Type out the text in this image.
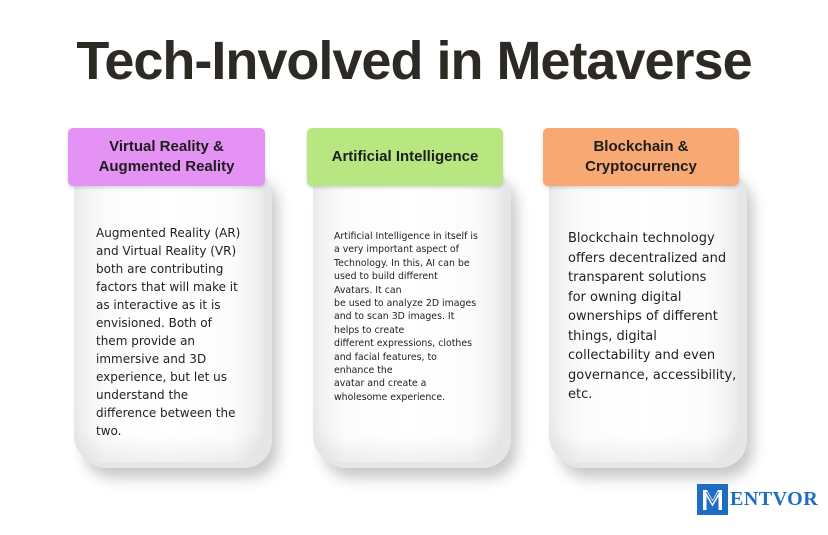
Tech-Involved in Metaverse
Virtual Reality &
Augmented Reality
Augmented Reality (AR)
and Virtual Reality (VR)
both are contributing
factors that will make it
as interactive as it is
envisioned. Both of
them provide an
immersive and 3D
experience, but let us
understand the
difference between the
two.
Artificial Intelligence
Artificial Intelligence in itself is
a very important aspect of
Technology. In this, AI can be
used to build different
Avatars. It can
be used to analyze 2D images
and to scan 3D images. It
helps to create
different expressions, clothes
and facial features, to
enhance the
avatar and create a
wholesome experience.
Blockchain &
Cryptocurrency
Blockchain technology
offers decentralized and
transparent solutions
for owning digital
ownerships of different
things, digital
collectability and even
governance, accessibility,
etc.
ENTVOR
